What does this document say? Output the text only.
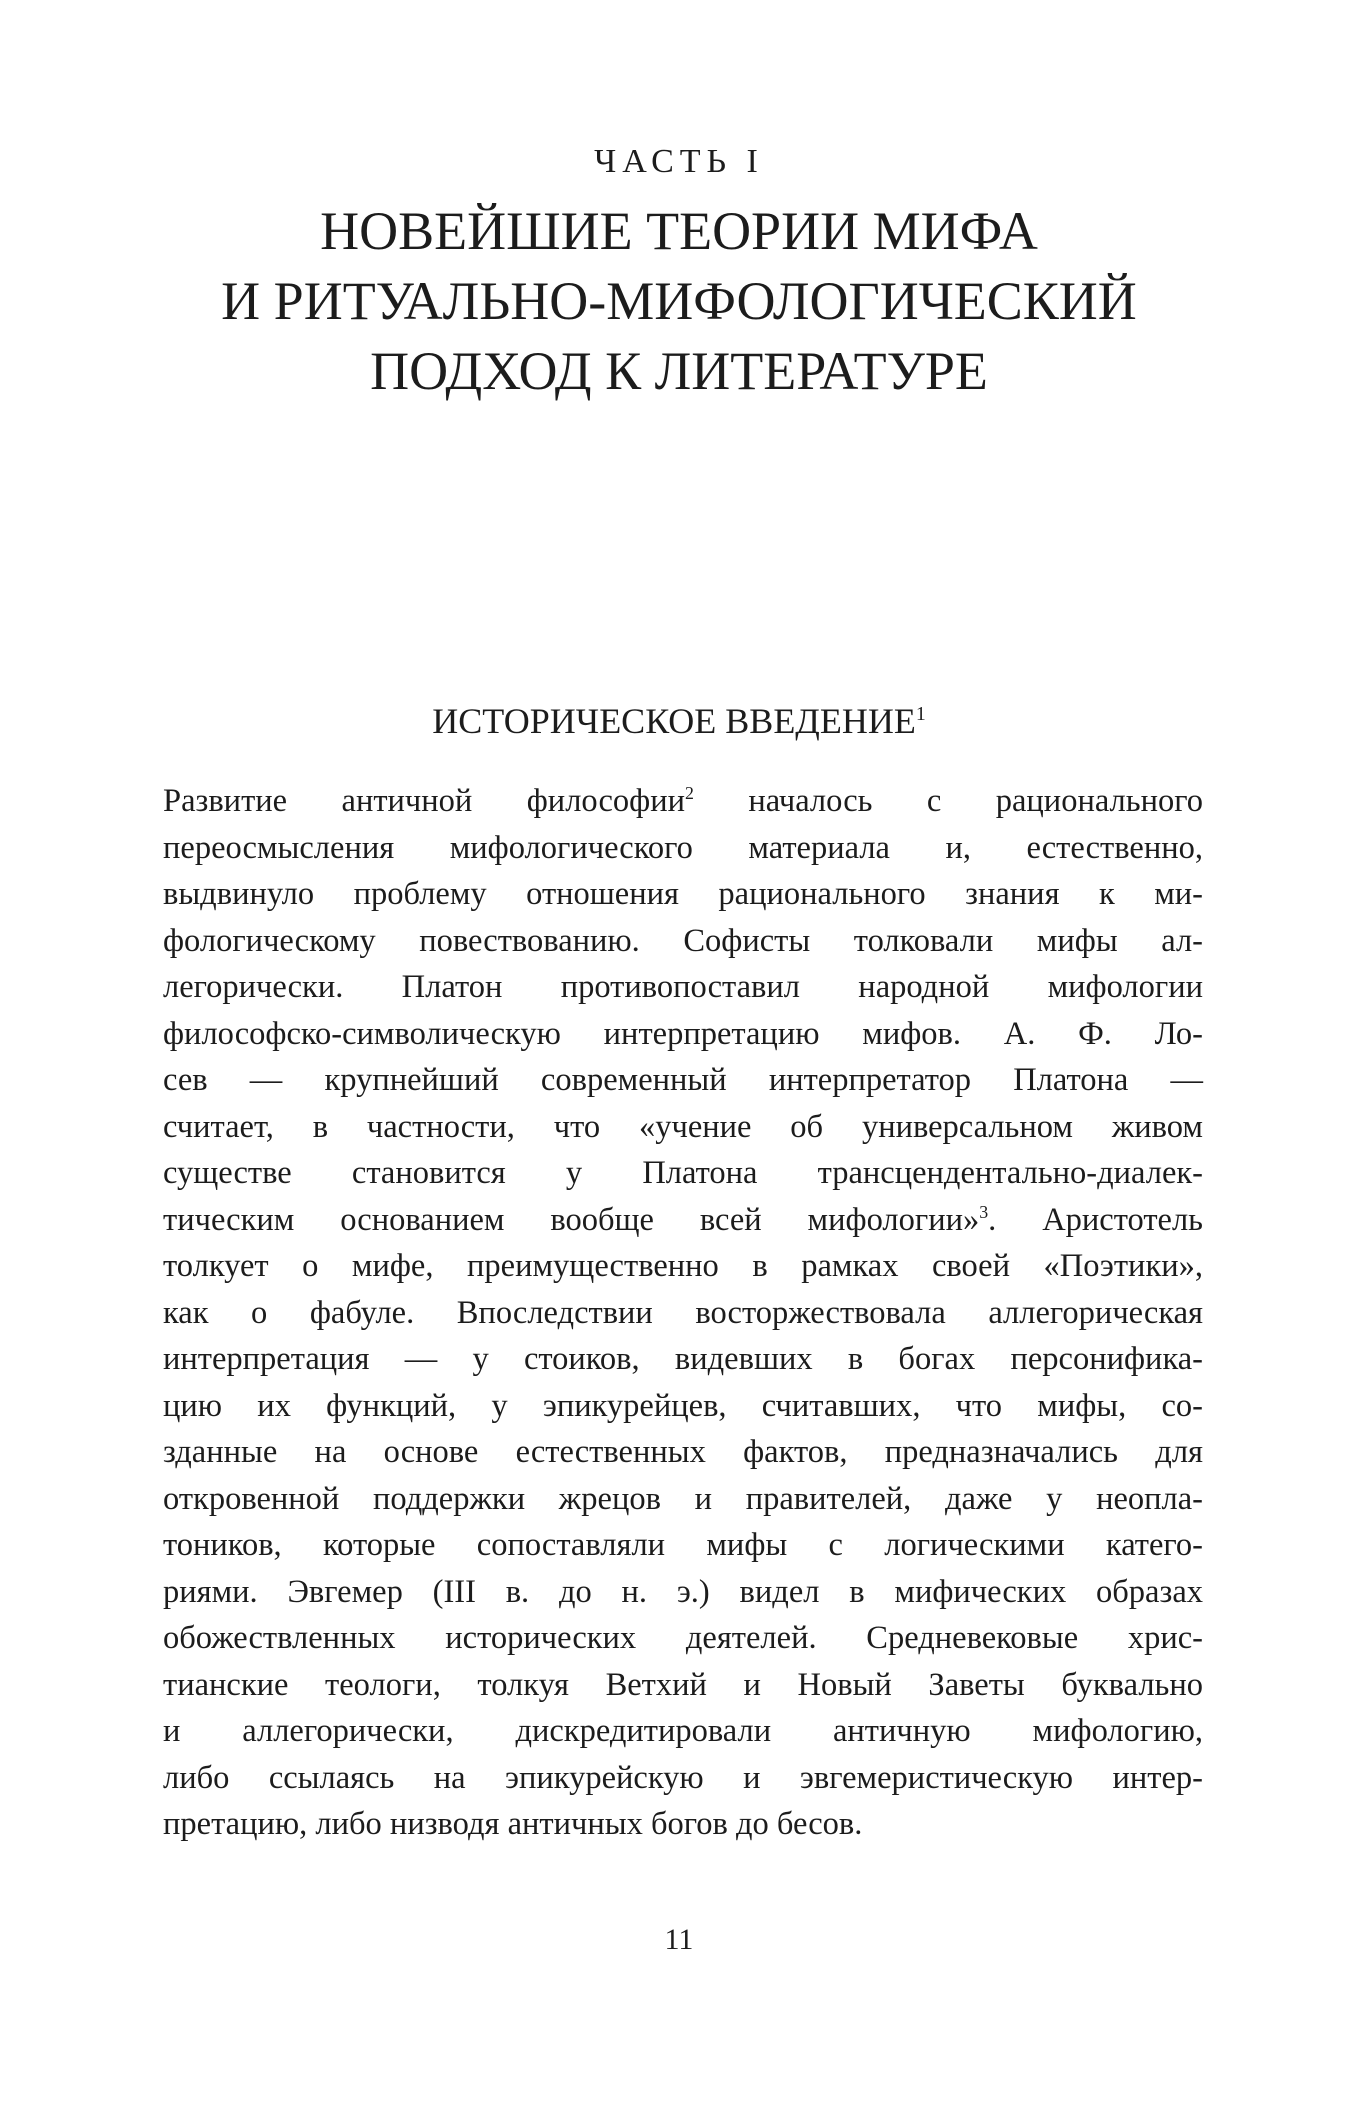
ЧАСТЬ I
НОВЕЙШИЕ ТЕОРИИ МИФА
И РИТУАЛЬНО-МИФОЛОГИЧЕСКИЙ
ПОДХОД К ЛИТЕРАТУРЕ
ИСТОРИЧЕСКОЕ ВВЕДЕНИЕ$^1$
Развитие античной философии$^2$ началось с рационального
переосмысления мифологического материала и, естественно,
выдвинуло проблему отношения рационального знания к ми-
фологическому повествованию. Софисты толковали мифы ал-
легорически. Платон противопоставил народной мифологии
философско-символическую интерпретацию мифов. А. Ф. Ло-
сев — крупнейший современный интерпретатор Платона —
считает, в частности, что «учение об универсальном живом
существе становится у Платона трансцендентально-диалек-
тическим основанием вообще всей мифологии»$^3$. Аристотель
толкует о мифе, преимущественно в рамках своей «Поэтики»,
как о фабуле. Впоследствии восторжествовала аллегорическая
интерпретация — у стоиков, видевших в богах персонифика-
цию их функций, у эпикурейцев, считавших, что мифы, со-
зданные на основе естественных фактов, предназначались для
откровенной поддержки жрецов и правителей, даже у неопла-
тоников, которые сопоставляли мифы с логическими катего-
риями. Эвгемер (III в. до н. э.) видел в мифических образах
обожествленных исторических деятелей. Средневековые хрис-
тианские теологи, толкуя Ветхий и Новый Заветы буквально
и аллегорически, дискредитировали античную мифологию,
либо ссылаясь на эпикурейскую и эвгемеристическую интер-
претацию, либо низводя античных богов до бесов.
11
